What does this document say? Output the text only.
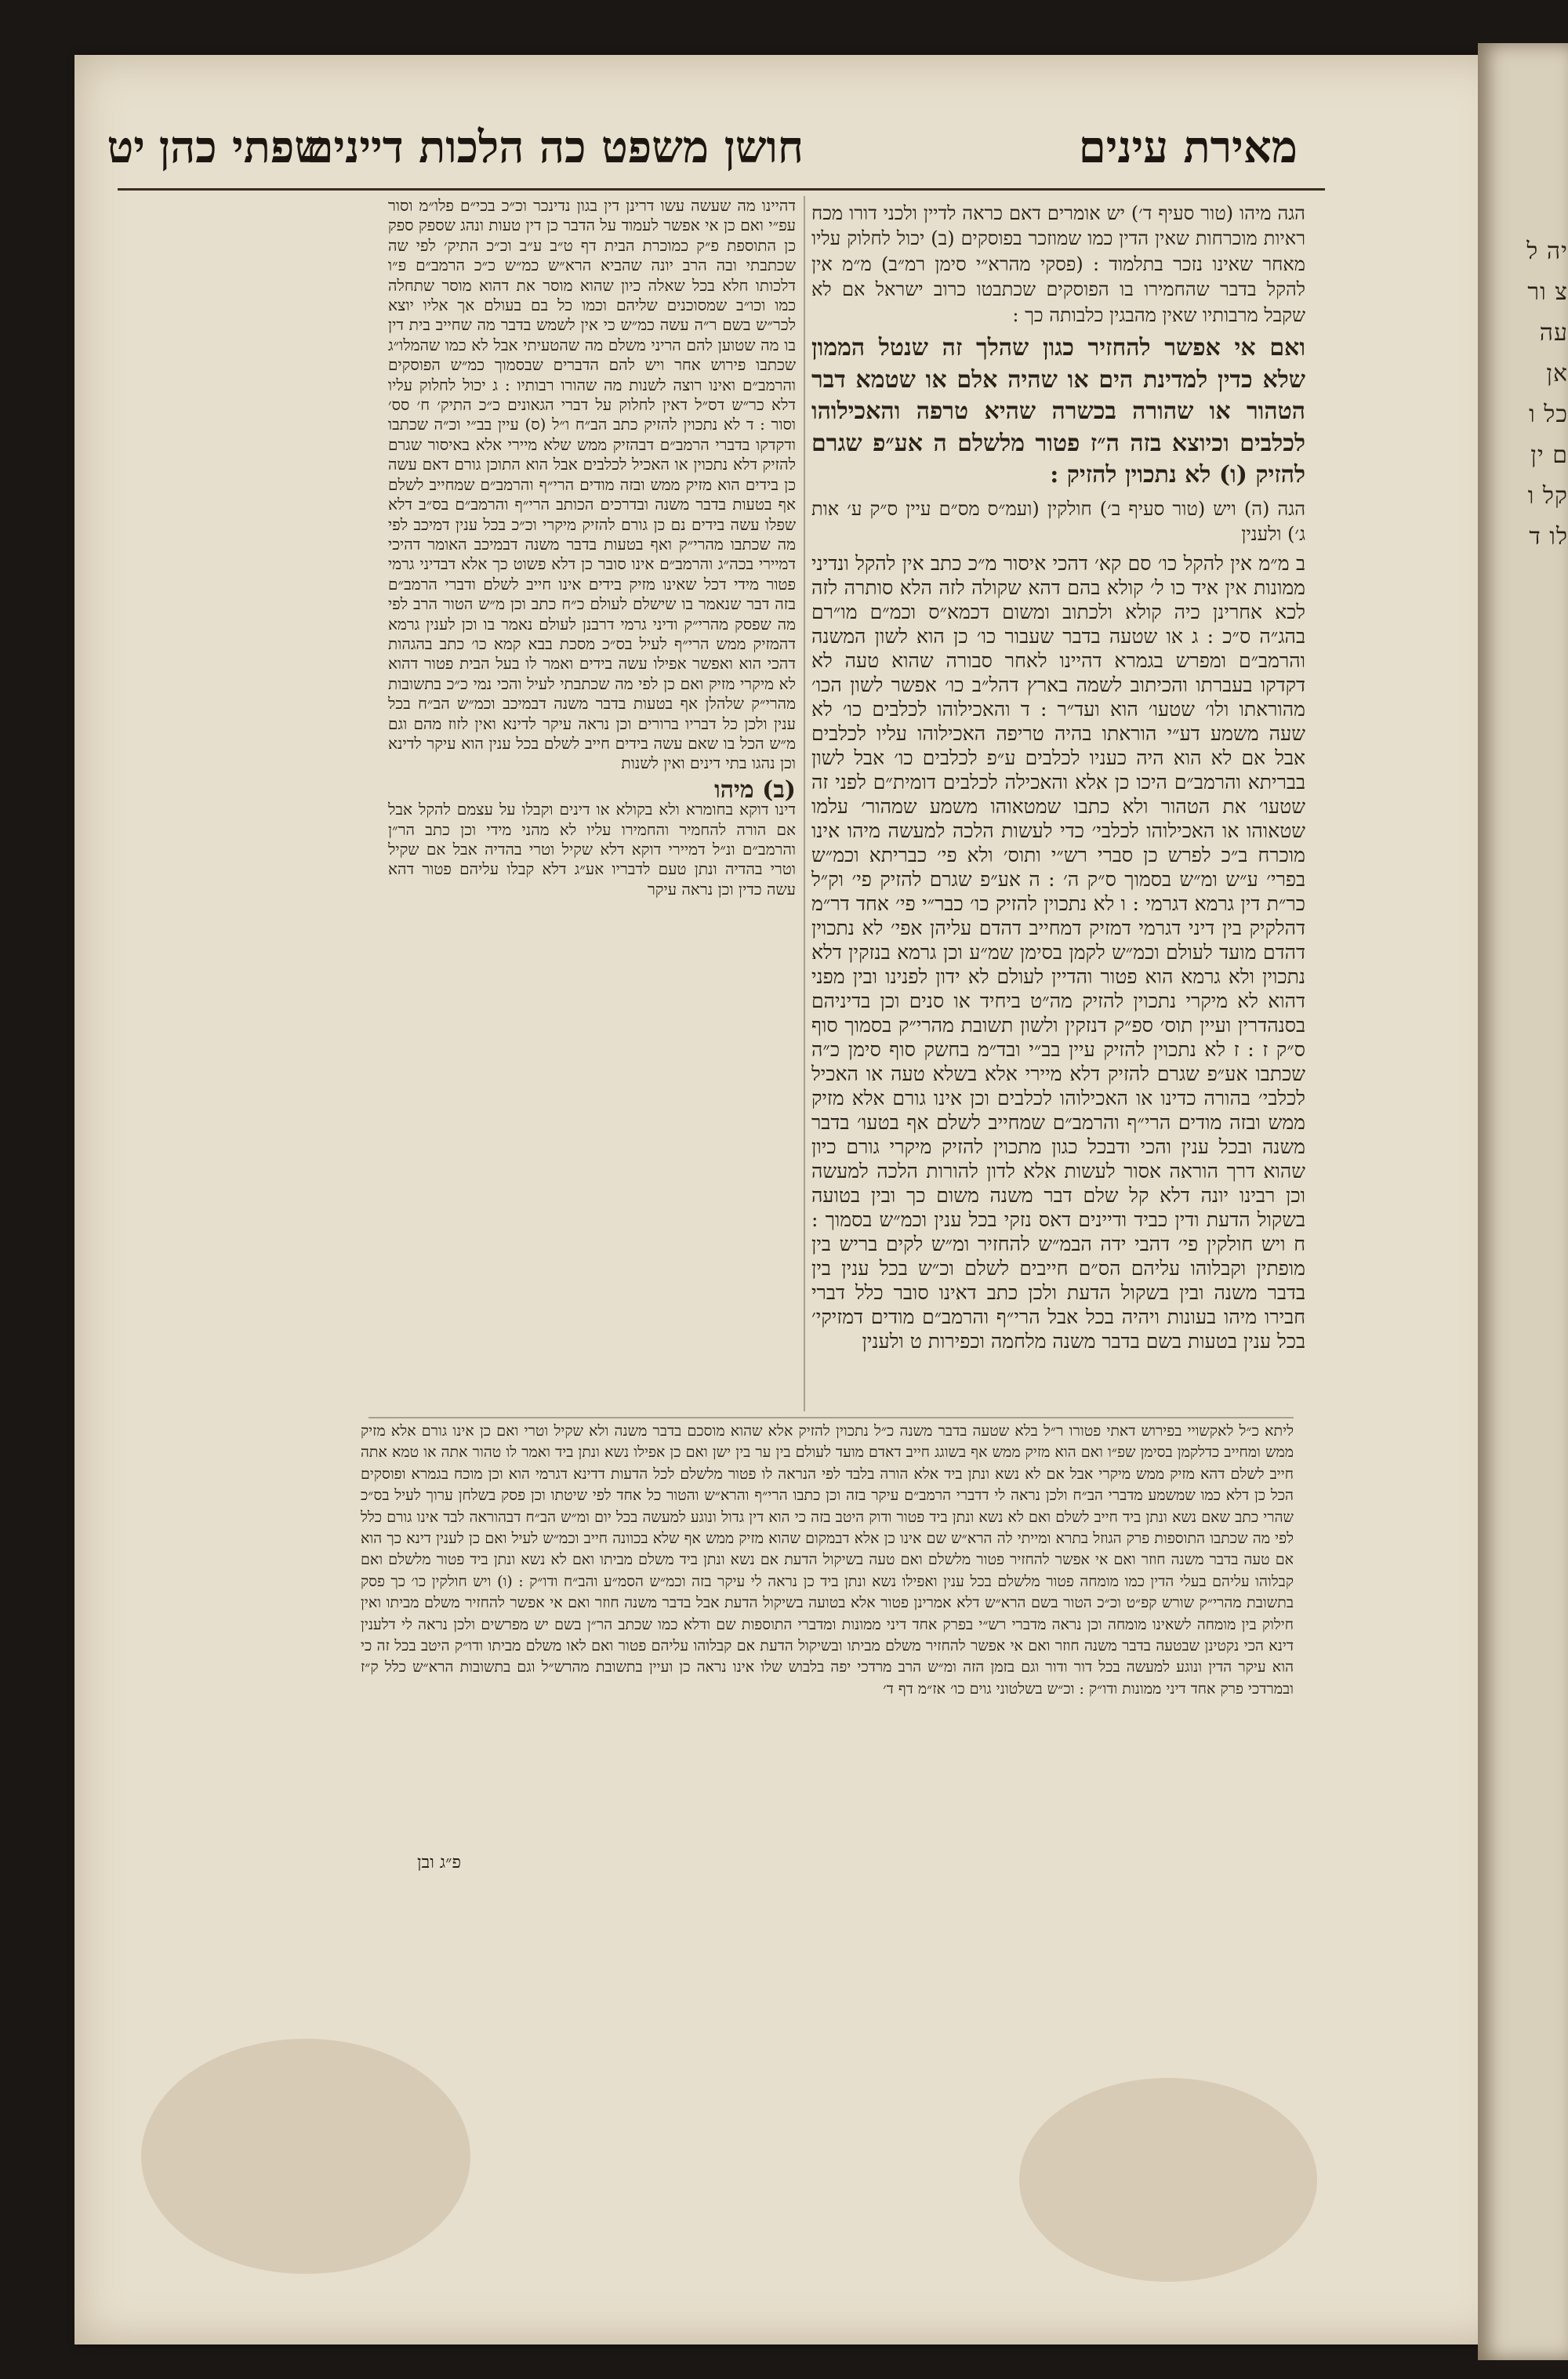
יה ל צ ור עה אן כל ו ם ין קל ו לו ד
מאירת עינים
חושן משפט כה הלכות דיינים
שפתי כהן
יט

הגה מיהו (טור סעיף ד׳) יש אומרים דאם כראה לדיין ולכני דורו מכח ראיות מוכרחות שאין הדין כמו שמוזכר בפוסקים (ב) יכול לחלוק עליו מאחר שאינו נזכר בתלמוד : (פסקי מהרא״י סימן רמ״ב) מ״מ אין להקל בדבר שהחמירו בו הפוסקים שכתבטו כרוב ישראל אם לא שקבל מרבותיו שאין מהבגין כלבותה כך :

ואם אי אפשר להחזיר כגון שהלך זה שנטל הממון שלא כדין למדינת הים או שהיה אלם או שטמא דבר הטהור או שהורה בכשרה שהיא טרפה והאכילוהו לכלבים וכיוצא בזה ה״ז פטור מלשלם ה אע״פ שגרם להזיק (ו) לא נתכוין להזיק :

הגה (ה) ויש (טור סעיף ב׳) חולקין (ועמ״ס מס״ם עיין ס״ק ע׳ אות ג׳) ולענין

ב מ״מ אין להקל כו׳ סם קא׳ דהכי איסור מ״כ כתב אין להקל ונדיני ממונות אין איד כו ל׳ קולא בהם דהא שקולה לזה הלא סותרה לזה לכא אחרינן כיה קולא ולכתוב ומשום דכמא״ס וכמ״ם מו״רם בהג״ה ס״כ : ג או שטעה בדבר שעבור כו׳ כן הוא לשון המשנה והרמב״ם ומפרש בגמרא דהיינו לאחר סבורה שהוא טעה לא דקדקו בעברתו והכיתוב לשמה בארץ דהל״ב כו׳ אפשר לשון הכו׳ מהוראתו ולו׳ שטעו׳ הוא ועד״ר : ד והאכילוהו לכלבים כו׳ לא שעה משמע דע״י הוראתו בהיה טריפה האכילוהו עליו לכלבים אבל אם לא הוא היה כעניו לכלבים ע״פ לכלבים כו׳ אבל לשון בבריתא והרמב״ם היכו כן אלא והאכילה לכלבים דומית״ם לפני זה שטעו׳ את הטהור ולא כתבו שמטאוהו משמע שמהור׳ עלמו שטאוהו או האכילוהו לכלבי׳ כדי לעשות הלכה למעשה מיהו אינו מוכרח ב״כ לפרש כן סברי רש״י ותוס׳ ולא פי׳ כבריתא וכמ״ש בפרי׳ ע״ש ומ״ש בסמוך ס״ק ה׳ : ה אע״פ שגרם להזיק פי׳ וק״ל כר״ת דין גרמא דגרמי : ו לא נתכוין להזיק כו׳ כבר״י פי׳ אחד דר״מ דהלקיק בין דיני דגרמי דמזיק דמחייב דהדם עליהן אפי׳ לא נתכוין דהדם מועד לעולם וכמ״ש לקמן בסימן שמ״ע וכן גרמא בנזקין דלא נתכוין ולא גרמא הוא פטור והדיין לעולם לא ידון לפנינו ובין מפני דהוא לא מיקרי נתכוין להזיק מה״ט ביחיד או סנים וכן בדיניהם בסנהדרין ועיין תוס׳ ספ״ק דנזקין ולשון תשובת מהרי״ק בסמוך סוף ס״ק ז : ז לא נתכוין להזיק עיין בב״י ובד״מ בחשק סוף סימן כ״ה שכתבו אע״פ שגרם להזיק דלא מיירי אלא בשלא טעה או האכיל לכלבי׳ בהורה כדינו או האכילוהו לכלבים וכן אינו גורם אלא מזיק ממש ובזה מודים הרי״ף והרמב״ם שמחייב לשלם אף בטעו׳ בדבר משנה ובכל ענין והכי ודבכל כגון מתכוין להזיק מיקרי גורם כיון שהוא דרך הוראה אסור לעשות אלא לדון להורות הלכה למעשה וכן רבינו יונה דלא קל שלם דבר משנה משום כך ובין בטועה בשקול הדעת ודין כביד ודיינים דאס נזקי בכל ענין וכמ״ש בסמוך : ח ויש חולקין פי׳ דהבי ידה הבמ״ש להחזיר ומ״ש לקים בריש בין מופתין וקבלוהו עליהם הס״ם חייבים לשלם וכ״ש בכל ענין בין בדבר משנה ובין בשקול הדעת ולכן כתב דאינו סובר כלל דברי חבירו מיהו בעונות ויהיה בכל אבל הרי״ף והרמב״ם מודים דמזיקי׳ בכל ענין בטעות בשם בדבר משנה מלחמה וכפירות ט ולענין

דהיינו מה שעשה עשו דרינן דין בגון נדינכר וכ״כ בכי״ם פלו״מ וסור עפ״י ואם כן אי אפשר לעמוד על הדבר כן דין טעות ונהג שספק ספק כן התוספת פ״ק כמוכרת הבית דף ט״ב ע״ב וכ״כ התיק׳ לפי שה שכתבתי ובה הרב יונה שהביא הרא״ש כמ״ש כ״כ הרמב״ם פ״ו דלכותו חלא בכל שאלה כיון שהוא מוסר את דהוא מוסר שתחלה כמו וכו״ב שמסוכנים שליהם וכמו כל בם בעולם אך אליו יוצא לכר״ש בשם ר״ה עשה כמ״ש כי אין לשמש בדבר מה שחייב בית דין בו מה שטוען להם הריני משלם מה שהטעיתי אבל לא כמו שהמלו״ג שכתבו פירוש אחר ויש להם הדברים שבסמוך כמ״ש הפוסקים והרמב״ם ואינו רוצה לשנות מה שהורו רבותיו : ג יכול לחלוק עליו דלא כר״ש דס״ל דאין לחלוק על דברי הגאונים כ״כ התיק׳ ח׳ סס׳ וסור : ד לא נתכוין להזיק כתב הב״ח ו״ל (ס) עיין בב״י וכ״ה שכתבו ודקדקו בדברי הרמב״ם דבהזיק ממש שלא מיירי אלא באיסור שגרם להזיק דלא נתכוין או האכיל לכלבים אבל הוא התוכן גורם דאם עשה כן בידים הוא מזיק ממש ובזה מודים הרי״ף והרמב״ם שמחייב לשלם אף בטעות בדבר משנה ובדרכים הכותב הרי״ף והרמב״ם בס״ב דלא שפלו עשה בידים נם כן גורם להזיק מיקרי וכ״כ בכל ענין דמיכב לפי מה שכתבו מהרי״ק ואף בטעות בדבר משנה דבמיכב האומר דהיכי דמיירי בכה״ג והרמב״ם אינו סובר כן דלא פשוט כך אלא דבדיני גרמי פטור מידי דכל שאינו מזיק בידים אינו חייב לשלם ודברי הרמב״ם בזה דבר שנאמר בו שישלם לעולם כ״ח כתב וכן מ״ש הטור הרב לפי מה שפסק מהרי״ק ודיני גרמי דרבנן לעולם נאמר בו וכן לענין גרמא דהמזיק ממש הרי״ף לעיל בס״כ מסכת בבא קמא כו׳ כתב בהגהות דהכי הוא ואפשר אפילו עשה בידים ואמר לו בעל הבית פטור דהוא לא מיקרי מזיק ואם כן לפי מה שכתבתי לעיל והכי נמי כ״כ בתשובות מהרי״ק שלהלן אף בטעות בדבר משנה דבמיכב וכמ״ש הב״ח בכל ענין ולכן כל דבריו ברורים וכן נראה עיקר לדינא ואין לזוז מהם וגם מ״ש הכל בו שאם עשה בידים חייב לשלם בכל ענין הוא עיקר לדינא וכן נהגו בתי דינים ואין לשנות

(ב) מיהו

דינו דוקא בחומרא ולא בקולא או דינים וקבלו על עצמם להקל אבל אם הורה להחמיר והחמירו עליו לא מהני מידי וכן כתב הר״ן והרמב״ם ונ״ל דמיירי דוקא דלא שקיל וטרי בהדיה אבל אם שקיל וטרי בהדיה ונתן טעם לדבריו אע״ג דלא קבלו עליהם פטור דהא עשה כדין וכן נראה עיקר

ליתא כ״ל לאקשויי בפירוש דאתי פטורו ר״ל בלא שטעה בדבר משנה כ״ל נתכוין להזיק אלא שהוא מוסכם בדבר משנה ולא שקיל וטרי ואם כן אינו גורם אלא מזיק ממש ומחייב כדלקמן בסימן שפ״ו ואם הוא מזיק ממש אף בשוגג חייב דאדם מועד לעולם בין ער בין ישן ואם כן אפילו נשא ונתן ביד ואמר לו טהור אתה או טמא אתה חייב לשלם דהא מזיק ממש מיקרי אבל אם לא נשא ונתן ביד אלא הורה בלבד לפי הנראה לו פטור מלשלם לכל הדעות דדינא דגרמי הוא וכן מוכח בגמרא ופוסקים הכל כן דלא כמו שמשמע מדברי הב״ח ולכן נראה לי דדברי הרמב״ם עיקר בזה וכן כתבו הרי״ף והרא״ש והטור כל אחד לפי שיטתו וכן פסק בשלחן ערוך לעיל בס״כ שהרי כתב שאם נשא ונתן ביד חייב לשלם ואם לא נשא ונתן ביד פטור ודוק היטב בזה כי הוא דין גדול ונוגע למעשה בכל יום ומ״ש הב״ח דבהוראה לבד אינו גורם כלל לפי מה שכתבו התוספות פרק הגוזל בתרא ומייתי לה הרא״ש שם אינו כן אלא דבמקום שהוא מזיק ממש אף שלא בכוונה חייב וכמ״ש לעיל ואם כן לענין דינא כך הוא אם טעה בדבר משנה חוזר ואם אי אפשר להחזיר פטור מלשלם ואם טעה בשיקול הדעת אם נשא ונתן ביד משלם מביתו ואם לא נשא ונתן ביד פטור מלשלם ואם קבלוהו עליהם בעלי הדין כמו מומחה פטור מלשלם בכל ענין ואפילו נשא ונתן ביד כן נראה לי עיקר בזה וכמ״ש הסמ״ע והב״ח ודו״ק : (ו) ויש חולקין כו׳ כך פסק בתשובת מהרי״ק שורש קפ״ט וכ״כ הטור בשם הרא״ש דלא אמרינן פטור אלא בטועה בשיקול הדעת אבל בדבר משנה חוזר ואם אי אפשר להחזיר משלם מביתו ואין חילוק בין מומחה לשאינו מומחה וכן נראה מדברי רש״י בפרק אחד דיני ממונות ומדברי התוספות שם ודלא כמו שכתב הר״ן בשם יש מפרשים ולכן נראה לי דלענין דינא הכי נקטינן שבטעה בדבר משנה חוזר ואם אי אפשר להחזיר משלם מביתו ובשיקול הדעת אם קבלוהו עליהם פטור ואם לאו משלם מביתו ודו״ק היטב בכל זה כי הוא עיקר הדין ונוגע למעשה בכל דור ודור וגם בזמן הזה ומ״ש הרב מרדכי יפה בלבוש שלו אינו נראה כן ועיין בתשובת מהרש״ל וגם בתשובות הרא״ש כלל ק״ז ובמרדכי פרק אחד דיני ממונות ודו״ק : וכ״ש בשלטוני גוים כו׳ אז״מ דף ד׳

פ״ג ובן
